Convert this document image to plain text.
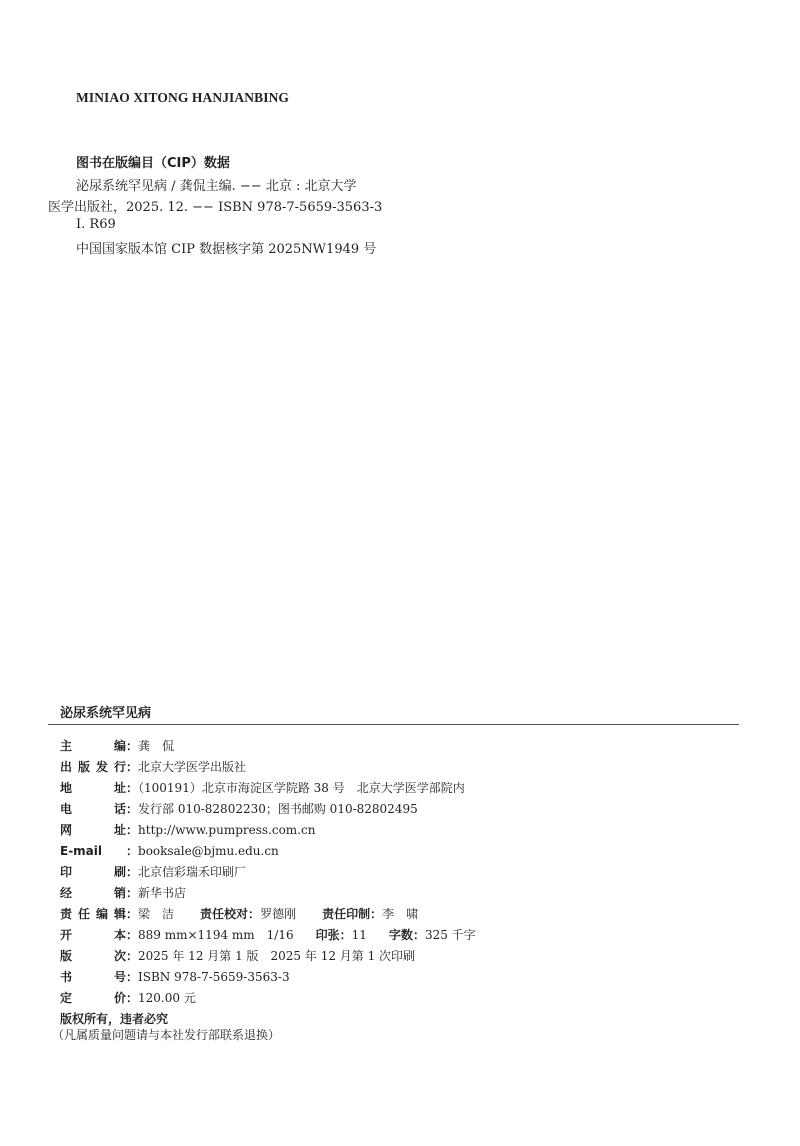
MINIAO XITONG HANJIANBING
图书在版编目（CIP）数据
泌尿系统罕见病 / 龚侃主编. −− 北京 : 北京大学
医学出版社，2025. 12. −− ISBN 978-7-5659-3563-3
Ⅰ. R69
中国国家版本馆 CIP 数据核字第 2025NW1949 号
泌尿系统罕见病
主编：龚　侃
出版发行：北京大学医学出版社
地址：（100191）北京市海淀区学院路 38 号　北京大学医学部院内
电话：发行部 010-82802230；图书邮购 010-82802495
网址：http://www.pumpress.com.cn
E-mail ：booksale@bjmu.edu.cn
印刷：北京信彩瑞禾印刷厂
经销：新华书店
责任编辑：梁　洁 责任校对：罗德刚 责任印制：李　啸
开本：889 mm×1194 mm　1/16 印张：11 字数：325 千字
版次：2025 年 12 月第 1 版　2025 年 12 月第 1 次印刷
书号：ISBN 978-7-5659-3563-3
定价：120.00 元
版权所有，违者必究
（凡属质量问题请与本社发行部联系退换）
